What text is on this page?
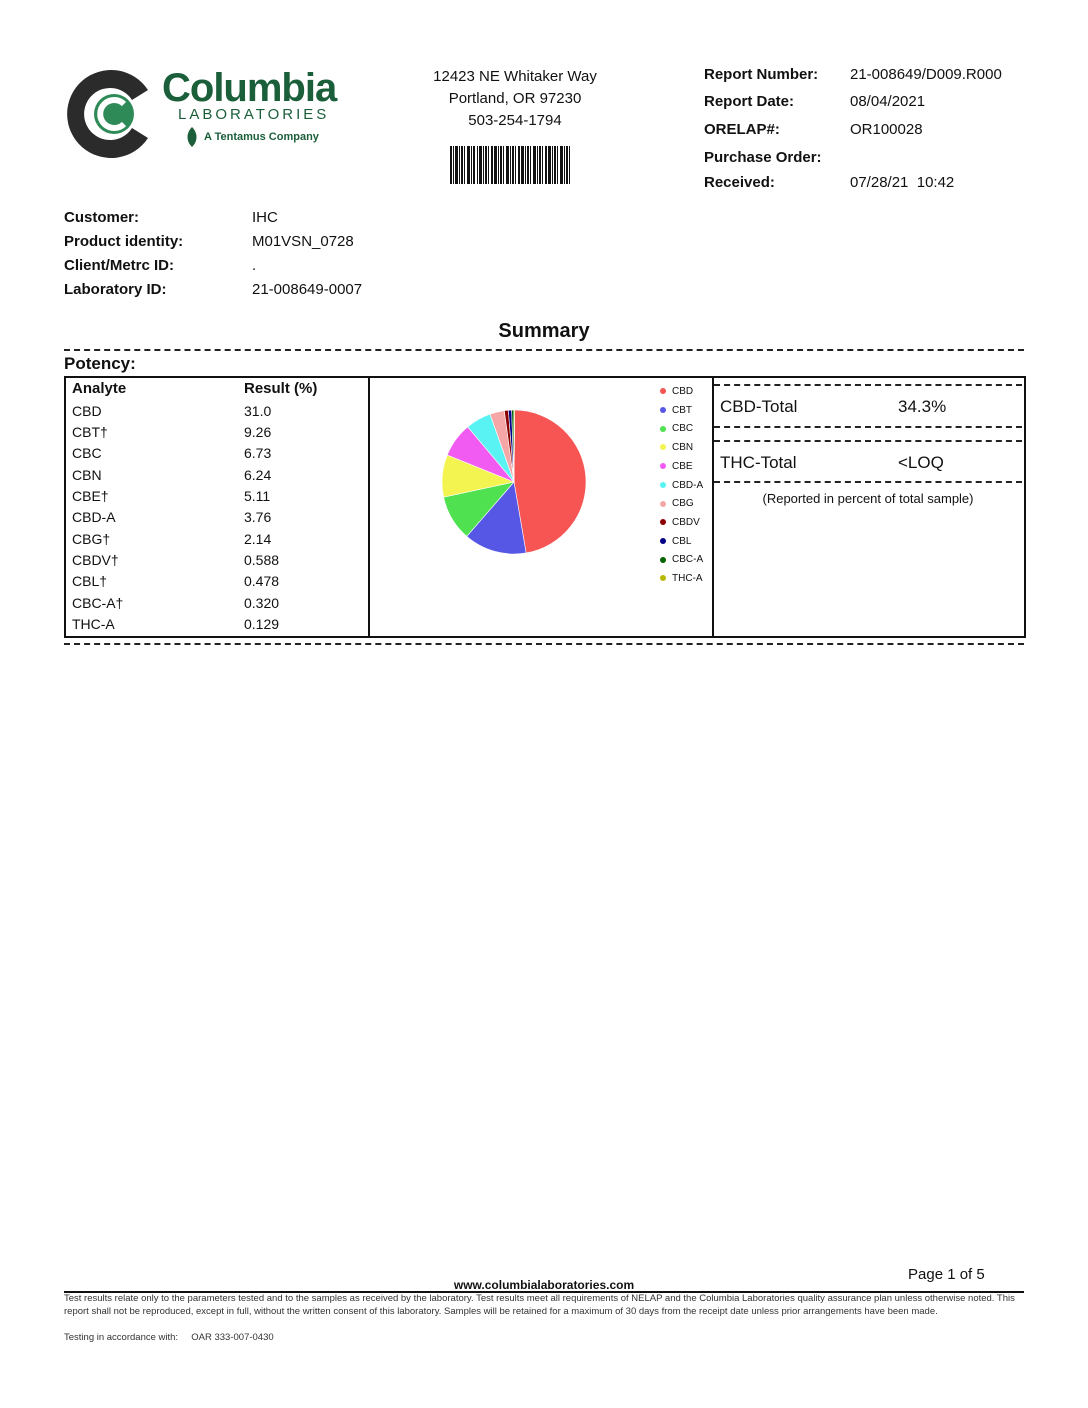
Columbia
LABORATORIES
A Tentamus Company
12423 NE Whitaker Way
Portland, OR 97230
503-254-1794
Report Number: 21-008649/D009.R000
Report Date:	08/04/2021
ORELAP#:	OR100028
Purchase Order:
Received:	07/28/21  10:42
Customer:	IHC
Product identity:	M01VSN_0728
Client/Metrc ID:	.
Laboratory ID:	21-008649-0007
Summary
Potency:
Analyte	Result (%)
CBD	31.0
CBT†	9.26
CBC	6.73
CBN	6.24
CBE†	5.11
CBD-A	3.76
CBG†	2.14
CBDV†	0.588
CBL†	0.478
CBC-A†	0.320
THC-A	0.129
CBD
CBT
CBC
CBN
CBE
CBD-A
CBG
CBDV
CBL
CBC-A
THC-A
CBD-Total	34.3%
THC-Total	<LOQ
(Reported in percent of total sample)
Page 1 of 5
www.columbialaboratories.com
Test results relate only to the parameters tested and to the samples as received by the laboratory. Test results meet all requirements of NELAP and the Columbia Laboratories quality assurance plan unless otherwise noted. This report shall not be reproduced, except in full, without the written consent of this laboratory. Samples will be retained for a maximum of 30 days from the receipt date unless prior arrangements have been made.
Testing in accordance with:     OAR 333-007-0430
